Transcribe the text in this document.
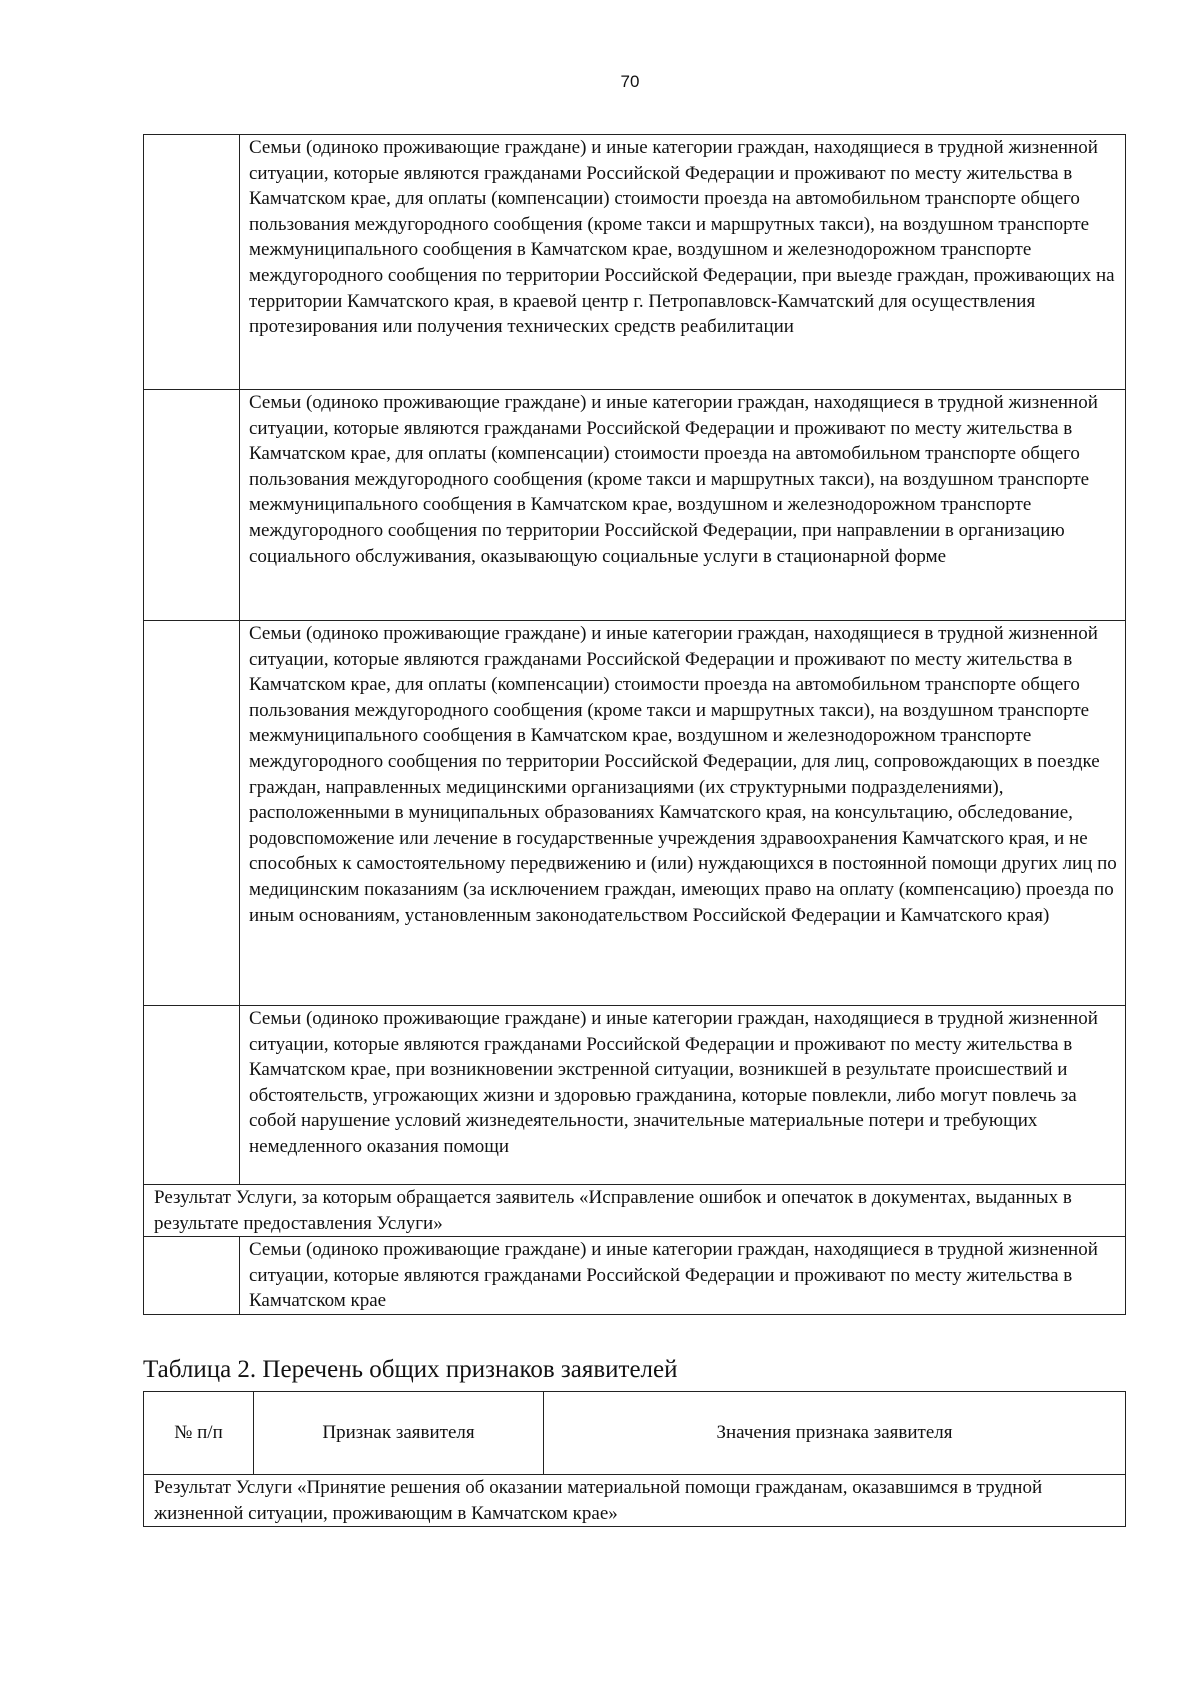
70
	Семьи (одиноко проживающие граждане) и иные категории граждан, находящиеся в трудной жизненной ситуации, которые являются гражданами Российской Федерации и проживают по месту жительства в Камчатском крае, для оплаты (компенсации) стоимости проезда на автомобильном транспорте общего пользования междугородного сообщения (кроме такси и маршрутных такси), на воздушном транспорте межмуниципального сообщения в Камчатском крае, воздушном и железнодорожном транспорте междугородного сообщения по территории Российской Федерации, при выезде граждан, проживающих на территории Камчатского края, в краевой центр г. Петропавловск-Камчатский для осуществления протезирования или получения технических средств реабилитации
	Семьи (одиноко проживающие граждане) и иные категории граждан, находящиеся в трудной жизненной ситуации, которые являются гражданами Российской Федерации и проживают по месту жительства в Камчатском крае, для оплаты (компенсации) стоимости проезда на автомобильном транспорте общего пользования междугородного сообщения (кроме такси и маршрутных такси), на воздушном транспорте межмуниципального сообщения в Камчатском крае, воздушном и железнодорожном транспорте междугородного сообщения по территории Российской Федерации, при направлении в организацию социального обслуживания, оказывающую социальные услуги в стационарной форме
	Семьи (одиноко проживающие граждане) и иные категории граждан, находящиеся в трудной жизненной ситуации, которые являются гражданами Российской Федерации и проживают по месту жительства в Камчатском крае, для оплаты (компенсации) стоимости проезда на автомобильном транспорте общего пользования междугородного сообщения (кроме такси и маршрутных такси), на воздушном транспорте межмуниципального сообщения в Камчатском крае, воздушном и железнодорожном транспорте междугородного сообщения по территории Российской Федерации, для лиц, сопровождающих в поездке граждан, направленных медицинскими организациями (их структурными подразделениями), расположенными в муниципальных образованиях Камчатского края, на консультацию, обследование, родовспоможение или лечение в государственные учреждения здравоохранения Камчатского края, и не способных к самостоятельному передвижению и (или) нуждающихся в постоянной помощи других лиц по медицинским показаниям (за исключением граждан, имеющих право на оплату (компенсацию) проезда по иным основаниям, установленным законодательством Российской Федерации и Камчатского края)
	Семьи (одиноко проживающие граждане) и иные категории граждан, находящиеся в трудной жизненной ситуации, которые являются гражданами Российской Федерации и проживают по месту жительства в Камчатском крае, при возникновении экстренной ситуации, возникшей в результате происшествий и обстоятельств, угрожающих жизни и здоровью гражданина, которые повлекли, либо могут повлечь за собой нарушение условий жизнедеятельности, значительные материальные потери и требующих немедленного оказания помощи
Результат Услуги, за которым обращается заявитель «Исправление ошибок и опечаток в документах, выданных в результате предоставления Услуги»	
	Семьи (одиноко проживающие граждане) и иные категории граждан, находящиеся в трудной жизненной ситуации, которые являются гражданами Российской Федерации и проживают по месту жительства в Камчатском крае
Таблица 2. Перечень общих признаков заявителей
№ п/п	Признак заявителя	Значения признака заявителя
Результат Услуги «Принятие решения об оказании материальной помощи гражданам, оказавшимся в трудной жизненной ситуации, проживающим в Камчатском крае»
